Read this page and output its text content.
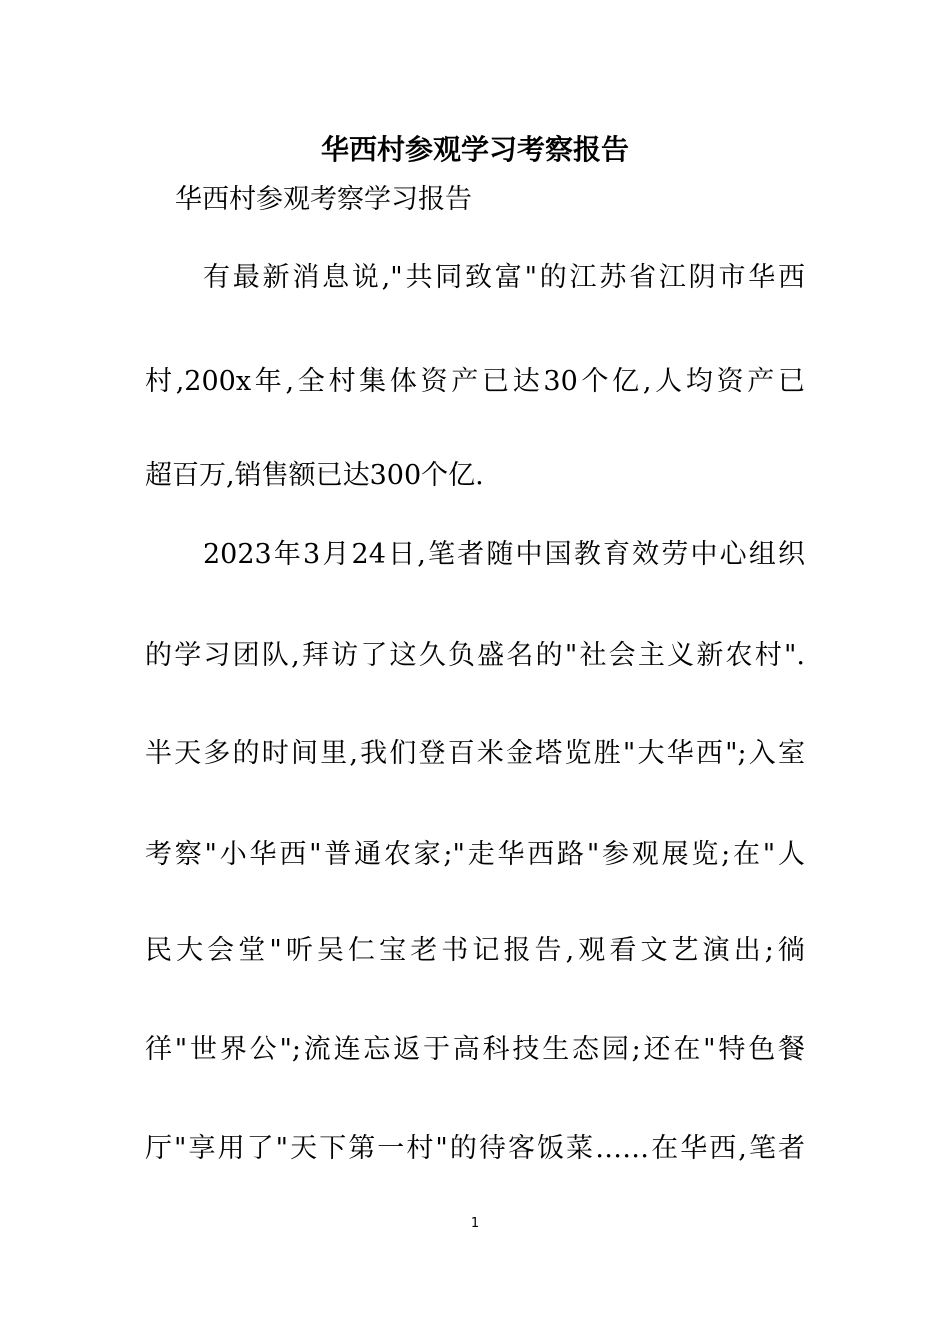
华西村参观学习考察报告

华西村参观考察学习报告

有最新消息说,"共同致富"的江苏省江阴市华西

村,200x年,全村集体资产已达30个亿,人均资产已

超百万,销售额已达300个亿.

2023年3月24日,笔者随中国教育效劳中心组织

的学习团队,拜访了这久负盛名的"社会主义新农村".

半天多的时间里,我们登百米金塔览胜"大华西";入室

考察"小华西"普通农家;"走华西路"参观展览;在"人

民大会堂"听吴仁宝老书记报告,观看文艺演出;徜

徉"世界公";流连忘返于高科技生态园;还在"特色餐

厅"享用了"天下第一村"的待客饭菜……在华西,笔者

1
